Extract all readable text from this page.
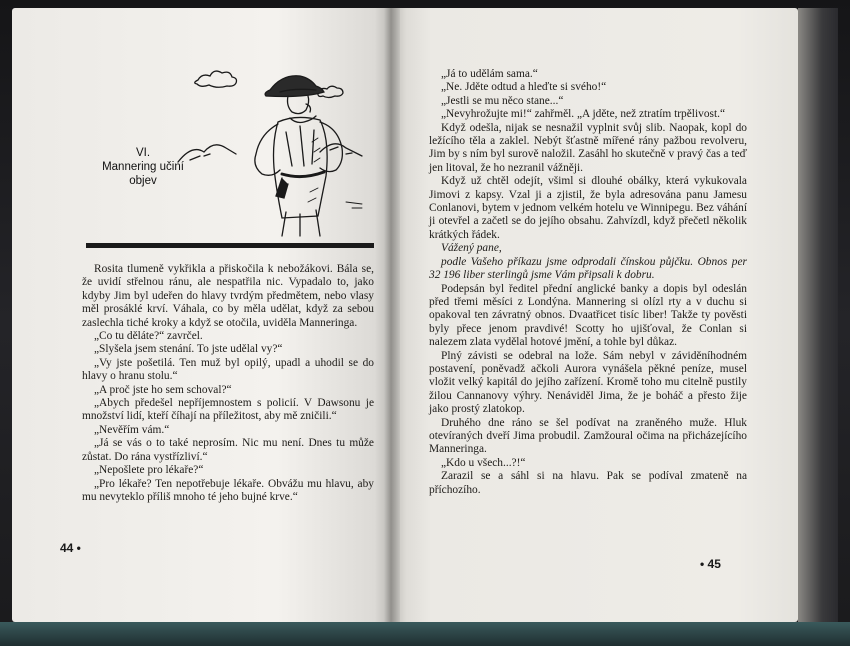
VI.
Mannering učiní
objev

Rosita tlumeně vykřikla a přiskočila k nebožákovi. Bála se, že uvidí střelnou ránu, ale nespatřila nic. Vypadalo to, jako kdyby Jim byl udeřen do hlavy tvrdým předmětem, nebo vlasy měl prosáklé krví. Váhala, co by měla udělat, když za sebou zaslechla tiché kroky a když se otočila, uviděla Manneringa.

„Co tu děláte?“ zavrčel.

„Slyšela jsem stenání. To jste udělal vy?“

„Vy jste pošetilá. Ten muž byl opilý, upadl a uhodil se do hlavy o hranu stolu.“

„A proč jste ho sem schoval?“

„Abych předešel nepříjemnostem s policií. V Dawsonu je množství lidí, kteří číhají na příležitost, aby mě zničili.“

„Nevěřím vám.“

„Já se vás o to také neprosím. Nic mu není. Dnes tu může zůstat. Do rána vystřízliví.“

„Nepošlete pro lékaře?“

„Pro lékaře? Ten nepotřebuje lékaře. Obvážu mu hlavu, aby mu nevyteklo příliš mnoho té jeho bujné krve.“

44 •

„Já to udělám sama.“

„Ne. Jděte odtud a hleďte si svého!“

„Jestli se mu něco stane...“

„Nevyhrožujte mi!“ zahřměl. „A jděte, než ztratím trpělivost.“

Když odešla, nijak se nesnažil vyplnit svůj slib. Naopak, kopl do ležícího těla a zaklel. Nebýt šťastně mířené rány pažbou revolveru, Jim by s ním byl surově naložil. Zasáhl ho skutečně v pravý čas a teď jen litoval, že ho nezranil vážněji.

Když už chtěl odejít, všiml si dlouhé obálky, která vykukovala Jimovi z kapsy. Vzal ji a zjistil, že byla adresována panu Jamesu Conlanovi, bytem v jednom velkém hotelu ve Winnipegu. Bez váhání ji otevřel a začetl se do jejího obsahu. Zahvízdl, když přečetl několik krátkých řádek.

Vážený pane,

podle Vašeho příkazu jsme odprodali čínskou půjčku. Obnos per 32 196 liber sterlingů jsme Vám připsali k dobru.

Podepsán byl ředitel přední anglické banky a dopis byl odeslán před třemi měsíci z Londýna. Mannering si olízl rty a v duchu si opakoval ten závratný obnos. Dvaatřicet tisíc liber! Takže ty pověsti byly přece jenom pravdivé! Scotty ho ujišťoval, že Conlan si nalezem zlata vydělal hotové jmění, a tohle byl důkaz.

Plný závisti se odebral na lože. Sám nebyl v záviděníhodném postavení, poněvadž ačkoli Aurora vynášela pěkné peníze, musel vložit velký kapitál do jejího zařízení. Kromě toho mu citelně pustily žilou Cannanovy výhry. Nenáviděl Jima, že je boháč a přesto žije jako prostý zlatokop.

Druhého dne ráno se šel podívat na zraněného muže. Hluk otevíraných dveří Jima probudil. Zamžoural očima na přicházejícího Manneringa.

„Kdo u všech...?!“

Zarazil se a sáhl si na hlavu. Pak se podíval zmateně na příchozího.

• 45
